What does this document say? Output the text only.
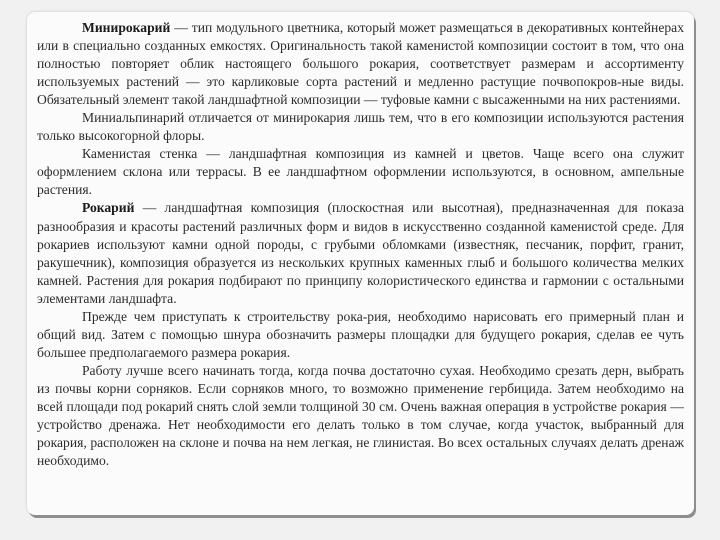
Минирокарий — тип модульного цветника, который может размещаться в декоративных контейнерах или в специально созданных емкостях. Оригинальность такой каменистой композиции состоит в том, что она полностью повторяет облик настоящего большого рокария, соответствует размерам и ассортименту используемых растений — это карликовые сорта растений и медленно растущие почвопокров-ные виды. Обязательный элемент такой ландшафтной композиции — туфовые камни с высаженными на них растениями.

Миниальпинарий отличается от минирокария лишь тем, что в его композиции используются растения только высокогорной флоры.

Каменистая стенка — ландшафтная композиция из камней и цветов. Чаще всего она служит оформлением склона или террасы. В ее ландшафтном оформлении используются, в основном, ампельные растения.

Рокарий — ландшафтная композиция (плоскостная или высотная), предназначенная для показа разнообразия и красоты растений различных форм и видов в искусственно созданной каменистой среде. Для рокариев используют камни одной породы, с грубыми обломками (известняк, песчаник, порфит, гранит, ракушечник), композиция образуется из нескольких крупных каменных глыб и большого количества мелких камней. Растения для рокария подбирают по принципу колористического единства и гармонии с остальными элементами ландшафта.

Прежде чем приступать к строительству рока-рия, необходимо нарисовать его примерный план и общий вид. Затем с помощью шнура обозначить размеры площадки для будущего рокария, сделав ее чуть большее предполагаемого размера рокария.

Работу лучше всего начинать тогда, когда почва достаточно сухая. Необходимо срезать дерн, выбрать из почвы корни сорняков. Если сорняков много, то возможно применение гербицида. Затем необходимо на всей площади под рокарий снять слой земли толщиной 30 см. Очень важная операция в устройстве рокария — устройство дренажа. Нет необходимости его делать только в том случае, когда участок, выбранный для рокария, расположен на склоне и почва на нем легкая, не глинистая. Во всех остальных случаях делать дренаж необходимо.
